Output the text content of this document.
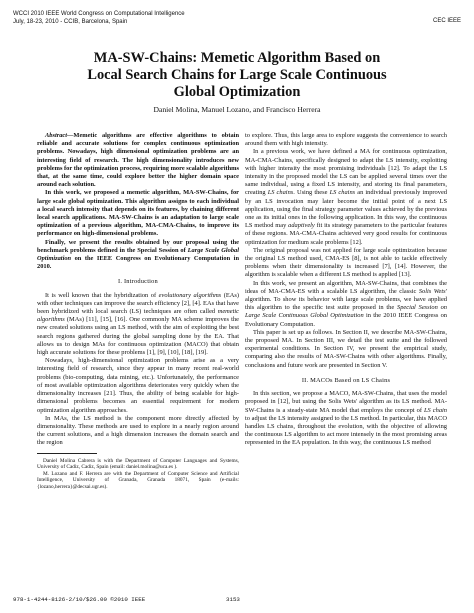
WCCI 2010 IEEE World Congress on Computational Intelligence
July, 18-23, 2010 - CCIB, Barcelona, Spain	CEC IEEE
MA-SW-Chains: Memetic Algorithm Based on
Local Search Chains for Large Scale Continuous
Global Optimization
Daniel Molina, Manuel Lozano, and Francisco Herrera

Abstract—Memetic algorithms are effective algorithms to obtain reliable and accurate solutions for complex continuous optimization problems. Nowadays, high dimensional optimization problems are an interesting field of research. The high dimensionality introduces new problems for the optimization process, requiring more scalable algorithms that, at the same time, could explore better the higher domain space around each solution.

In this work, we proposed a memetic algorithm, MA-SW-Chains, for large scale global optimization. This algorithm assigns to each individual a local search intensity that depends on its features, by chaining different local search applications. MA-SW-Chains is an adaptation to large scale optimization of a previous algorithm, MA-CMA-Chains, to improve its performance on high-dimensional problems.

Finally, we present the results obtained by our proposal using the benchmark problems defined in the Special Session of Large Scale Global Optimization on the IEEE Congress on Evolutionary Computation in 2010.

I. Introduction

It is well known that the hybridization of evolutionary algorithms (EAs) with other techniques can improve the search efficiency [2], [4]. EAs that have been hybridized with local search (LS) techniques are often called memetic algorithms (MAs) [11], [15], [16]. One commonly MA scheme improves the new created solutions using an LS method, with the aim of exploiting the best search regions gathered during the global sampling done by the EA. That allows us to design MAs for continuous optimization (MACO) that obtain high accurate solutions for these problems [1], [9], [10], [18], [19].

Nowadays, high-dimensional optimization problems arise as a very interesting field of research, since they appear in many recent real-world problems (bio-computing, data mining, etc.). Unfortunately, the performance of most available optimization algorithms deteriorates very quickly when the dimensionality increases [21]. Thus, the ability of being scalable for high-dimensional problems becomes an essential requirement for modern optimization algorithm approaches.

In MAs, the LS method is the component more directly affected by dimensionality. These methods are used to explore in a nearly region around the current solutions, and a high dimension increases the domain search and the region

Daniel Molina Cabrera is with the Department of Computer Languages and Systems, University of Cadiz, Cadiz, Spain (email: daniel.molina@uca.es ).

M. Lozano and F. Herrera are with the Department of Computer Science and Artificial Intelligence, University of Granada, Granada 18071, Spain (e-mails: {lozano,herrera}@decsai.ugr.es).

to explore. Thus, this large area to explore suggests the convenience to search around them with high intensity.

In a previous work, we have defined a MA for continuous optimization, MA-CMA-Chains, specifically designed to adapt the LS intensity, exploiting with higher intensity the most promising individuals [12]. To adapt the LS intensity in the proposed model the LS can be applied several times over the same individual, using a fixed LS intensity, and storing its final parameters, creating LS chains. Using these LS chains an individual previously improved by an LS invocation may later become the initial point of a next LS application, using the final strategy parameter values achieved by the previous one as its initial ones in the following application. In this way, the continuous LS method may adaptively fit its strategy parameters to the particular features of these regions. MA-CMA-Chains achieved very good results for continuous optimization for medium scale problems [12].

The original proposal was not applied for large scale optimization because the original LS method used, CMA-ES [8], is not able to tackle effectively problems when their dimensionality is increased [7], [14]. However, the algorithm is scalable when a different LS method is applied [13].

In this work, we present an algorithm, MA-SW-Chains, that combines the ideas of MA-CMA-ES with a scalable LS algorithm, the classic Solis Wets' algorithm. To show its behavior with large scale problems, we have applied this algorithm to the specific test suite proposed in the Special Session on Large Scale Continuous Global Optimization in the 2010 IEEE Congress on Evolutionary Computation.

This paper is set up as follows. In Section II, we describe MA-SW-Chains, the proposed MA. In Section III, we detail the test suite and the followed experimental conditions. In Section IV, we present the empirical study, comparing also the results of MA-SW-Chains with other algorithms. Finally, conclusions and future work are presented in Section V.

II. MACOs Based on LS Chains

In this section, we propose a MACO, MA-SW-Chains, that uses the model proposed in [12], but using the Solis Wets' algorithm as its LS method. MA-SW-Chains is a steady-state MA model that employs the concept of LS chain to adjust the LS intensity assigned to the LS method. In particular, this MACO handles LS chains, throughout the evolution, with the objective of allowing the continuous LS algorithm to act more intensely in the most promising areas represented in the EA population. In this way, the continuous LS method

978-1-4244-8126-2/10/$26.00 ©2010 IEEE	3153
